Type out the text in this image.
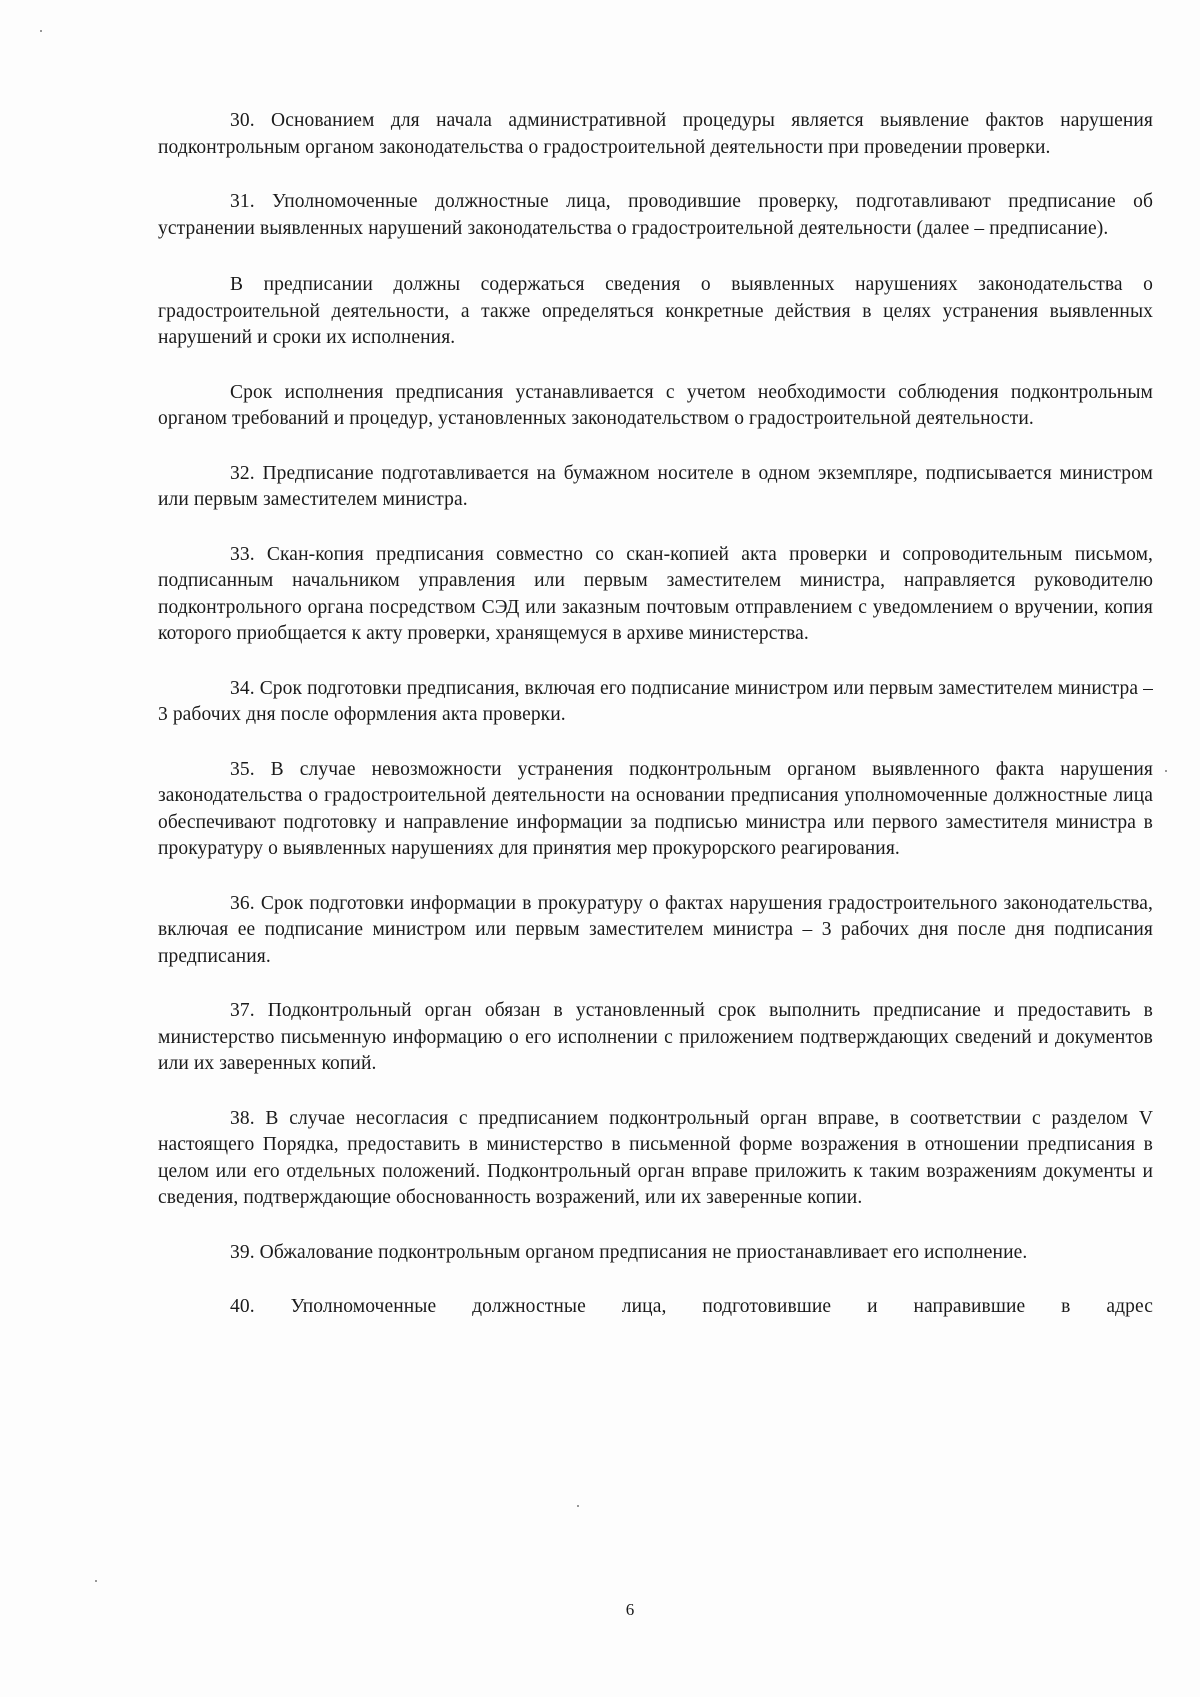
30. Основанием для начала административной процедуры является выявление фактов нарушения подконтрольным органом законодательства о градостроительной деятельности при проведении проверки.

31. Уполномоченные должностные лица, проводившие проверку, подготавливают предписание об устранении выявленных нарушений законодательства о градостроительной деятельности (далее – предписание).

В предписании должны содержаться сведения о выявленных нарушениях законодательства о градостроительной деятельности, а также определяться конкретные действия в целях устранения выявленных нарушений и сроки их исполнения.

Срок исполнения предписания устанавливается с учетом необходимости соблюдения подконтрольным органом требований и процедур, установленных законодательством о градостроительной деятельности.

32. Предписание подготавливается на бумажном носителе в одном экземпляре, подписывается министром или первым заместителем министра.

33. Скан-копия предписания совместно со скан-копией акта проверки и сопроводительным письмом, подписанным начальником управления или первым заместителем министра, направляется руководителю подконтрольного органа посредством СЭД или заказным почтовым отправлением с уведомлением о вручении, копия которого приобщается к акту проверки, хранящемуся в архиве министерства.

34. Срок подготовки предписания, включая его подписание министром или первым заместителем министра – 3 рабочих дня после оформления акта проверки.

35. В случае невозможности устранения подконтрольным органом выявленного факта нарушения законодательства о градостроительной деятельности на основании предписания уполномоченные должностные лица обеспечивают подготовку и направление информации за подписью министра или первого заместителя министра в прокуратуру о выявленных нарушениях для принятия мер прокурорского реагирования.

36. Срок подготовки информации в прокуратуру о фактах нарушения градостроительного законодательства, включая ее подписание министром или первым заместителем министра – 3 рабочих дня после дня подписания предписания.

37. Подконтрольный орган обязан в установленный срок выполнить предписание и предоставить в министерство письменную информацию о его исполнении с приложением подтверждающих сведений и документов или их заверенных копий.

38. В случае несогласия с предписанием подконтрольный орган вправе, в соответствии с разделом V настоящего Порядка, предоставить в министерство в письменной форме возражения в отношении предписания в целом или его отдельных положений. Подконтрольный орган вправе приложить к таким возражениям документы и сведения, подтверждающие обоснованность возражений, или их заверенные копии.

39. Обжалование подконтрольным органом предписания не приостанавливает его исполнение.

40. Уполномоченные должностные лица, подготовившие и направившие в адрес

6
